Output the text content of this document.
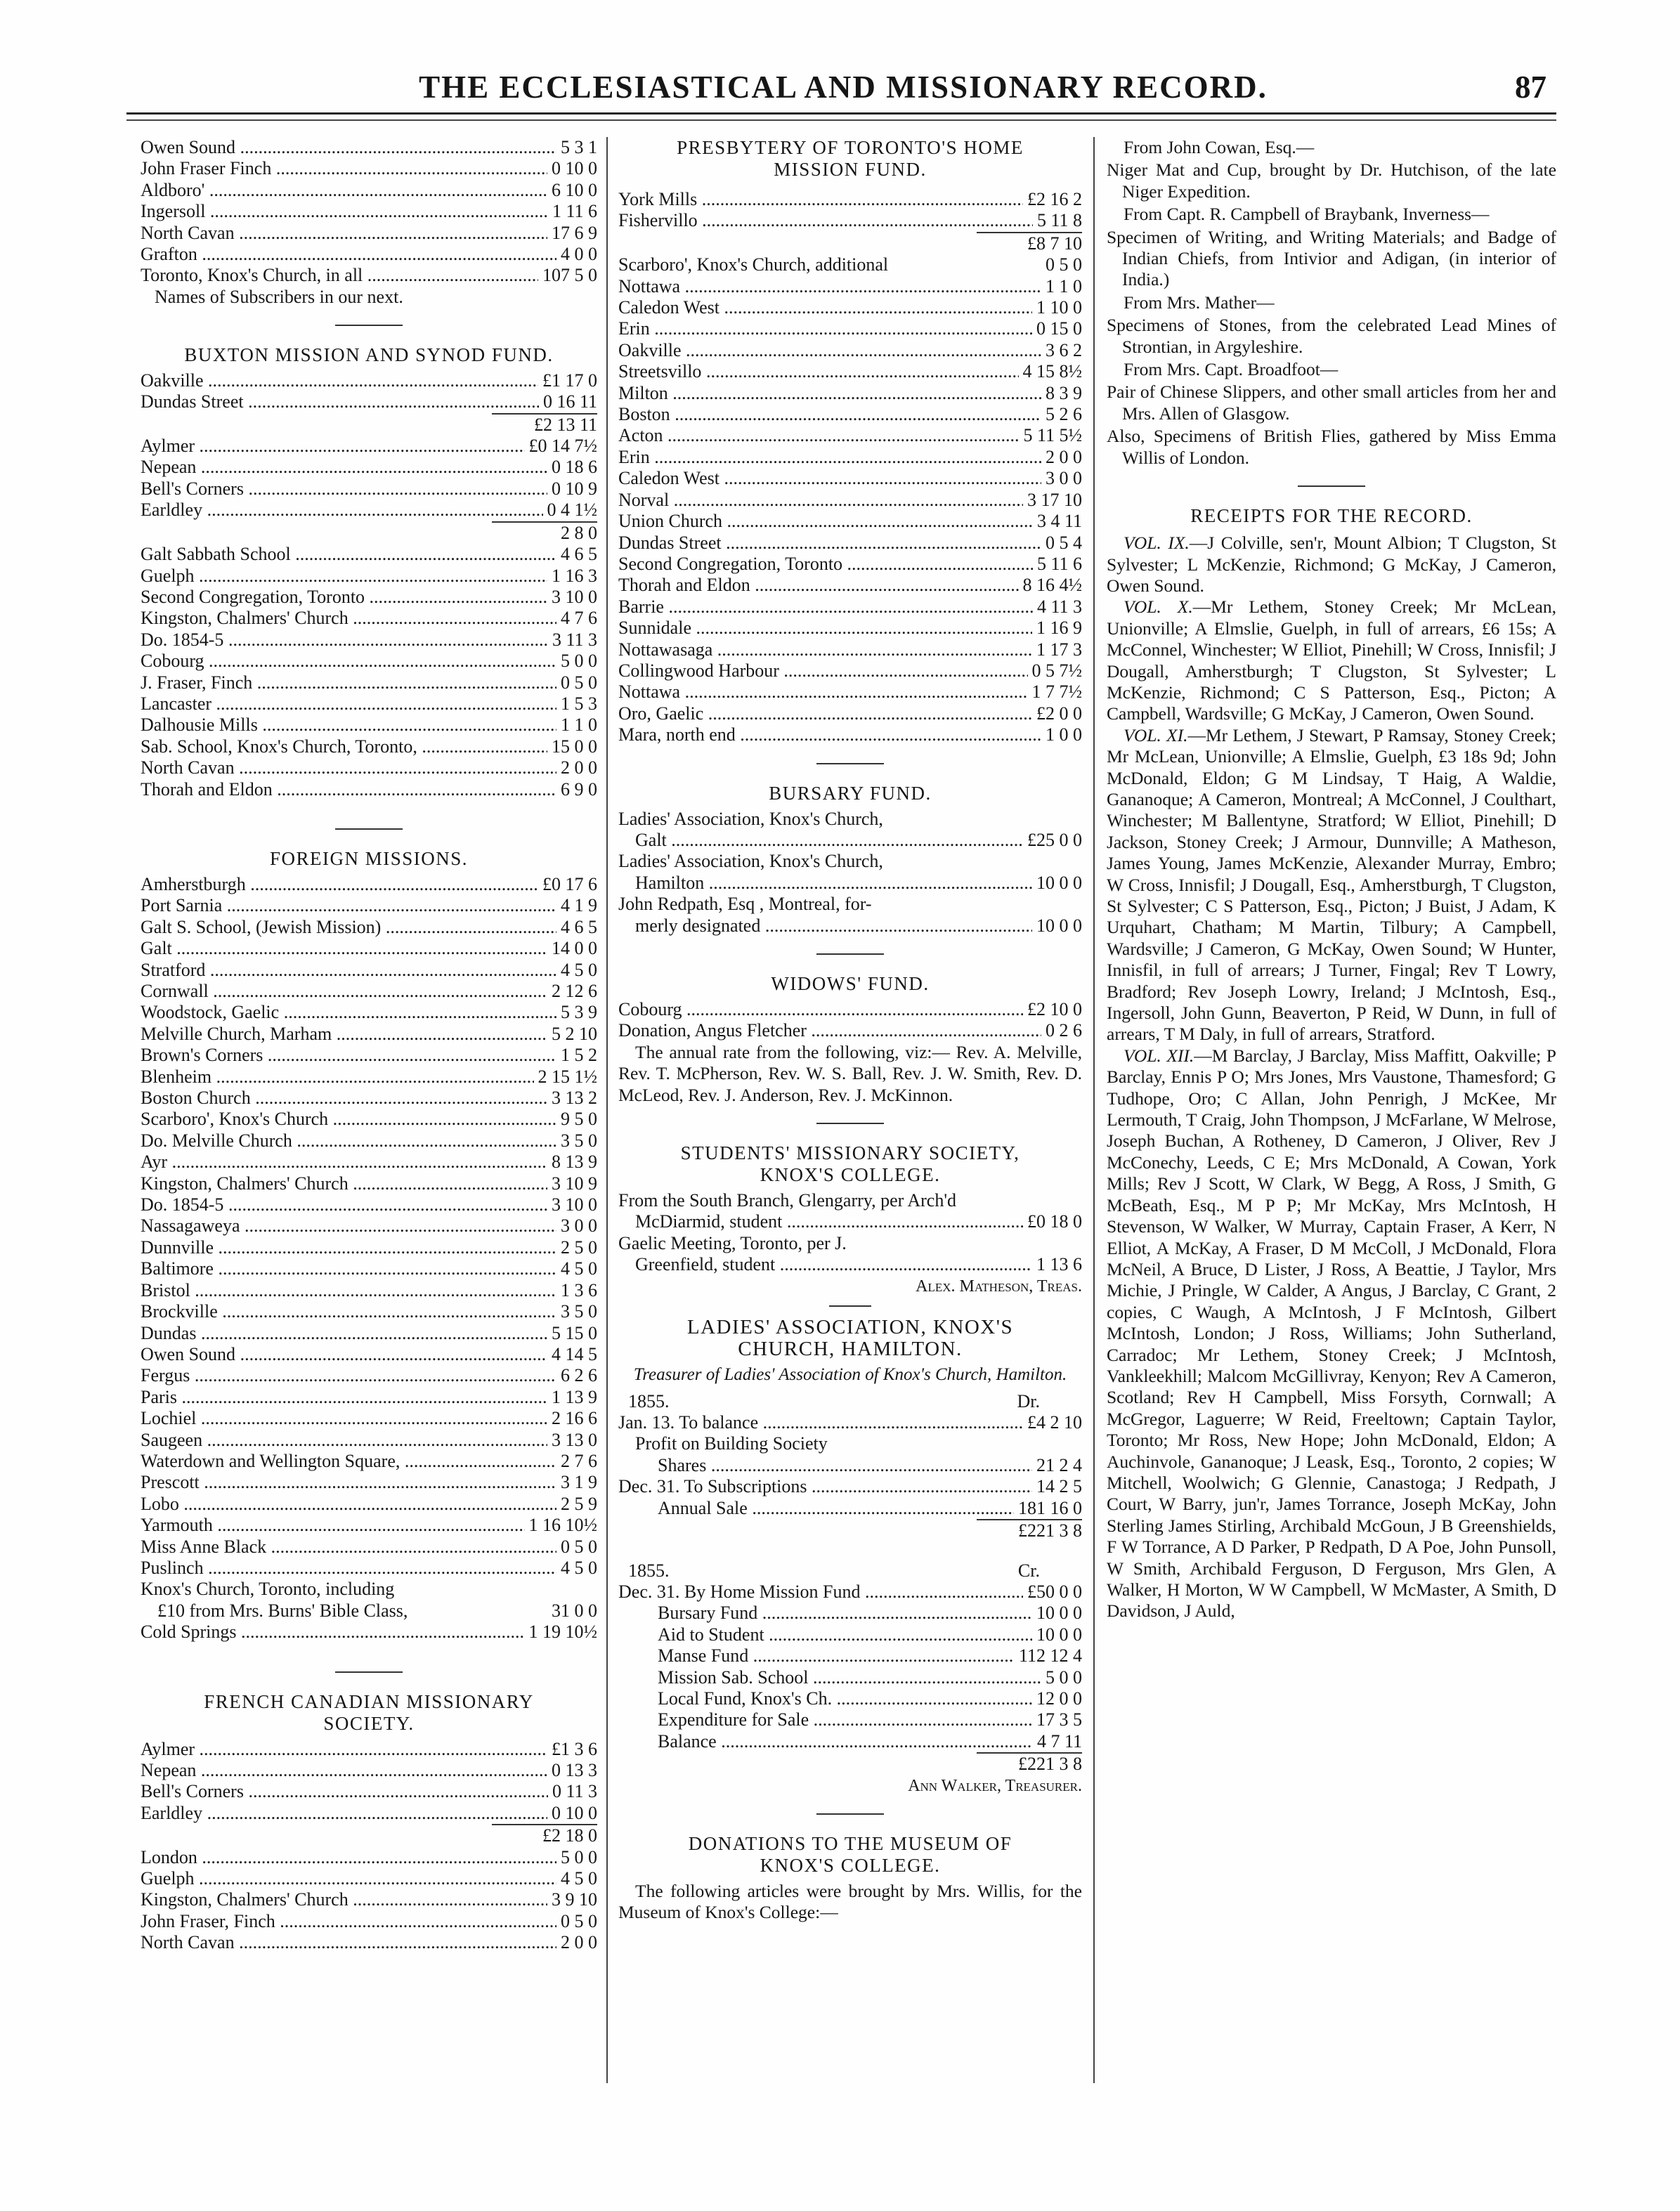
THE ECCLESIASTICAL AND MISSIONARY RECORD.	87
Owen Sound .....	5 3 1
John Fraser Finch .....	0 10 0
Aldboro' .....	6 10 0
Ingersoll .....	1 11 6
North Cavan .....	17 6 9
Grafton .....	4 0 0
Toronto, Knox's Church, in all .....	107 5 0
Names of Subscribers in our next.
BUXTON MISSION AND SYNOD FUND.
Oakville .....	£1 17 0
Dundas Street .....	0 16 11
£2 13 11
Aylmer .....	£0 14 7½
Nepean .....	0 18 6
Bell's Corners .....	0 10 9
Earldley .....	0 4 1½
2 8 0
Galt Sabbath School .....	4 6 5
Guelph .....	1 16 3
Second Congregation, Toronto .....	3 10 0
Kingston, Chalmers' Church .....	4 7 6
Do. 1854-5 .....	3 11 3
Cobourg .....	5 0 0
J. Fraser, Finch .....	0 5 0
Lancaster .....	1 5 3
Dalhousie Mills .....	1 1 0
Sab. School, Knox's Church, Toronto, .....	15 0 0
North Cavan .....	2 0 0
Thorah and Eldon .....	6 9 0
FOREIGN MISSIONS.
Amherstburgh .....	£0 17 6
Port Sarnia .....	4 1 9
Galt S. School, (Jewish Mission) .....	4 6 5
Galt .....	14 0 0
Stratford .....	4 5 0
Cornwall .....	2 12 6
Woodstock, Gaelic .....	5 3 9
Melville Church, Marham .....	5 2 10
Brown's Corners .....	1 5 2
Blenheim .....	2 15 1½
Boston Church .....	3 13 2
Scarboro', Knox's Church .....	9 5 0
Do. Melville Church .....	3 5 0
Ayr .....	8 13 9
Kingston, Chalmers' Church .....	3 10 9
Do. 1854-5 .....	3 10 0
Nassagaweya .....	3 0 0
Dunnville .....	2 5 0
Baltimore .....	4 5 0
Bristol .....	1 3 6
Brockville .....	3 5 0
Dundas .....	5 15 0
Owen Sound .....	4 14 5
Fergus .....	6 2 6
Paris .....	1 13 9
Lochiel .....	2 16 6
Saugeen .....	3 13 0
Waterdown and Wellington Square, .....	2 7 6
Prescott .....	3 1 9
Lobo .....	2 5 9
Yarmouth .....	1 16 10½
Miss Anne Black .....	0 5 0
Puslinch .....	4 5 0
Knox's Church, Toronto, including
£10 from Mrs. Burns' Bible Class,	31 0 0
Cold Springs .....	1 19 10½
FRENCH CANADIAN MISSIONARY SOCIETY.
Aylmer .....	£1 3 6
Nepean .....	0 13 3
Bell's Corners .....	0 11 3
Earldley .....	0 10 0
£2 18 0
London .....	5 0 0
Guelph .....	4 5 0
Kingston, Chalmers' Church .....	3 9 10
John Fraser, Finch .....	0 5 0
North Cavan .....	2 0 0
PRESBYTERY OF TORONTO'S HOME MISSION FUND.
York Mills .....	£2 16 2
Fishervillo .....	5 11 8
£8 7 10
Scarboro', Knox's Church, additional	0 5 0
Nottawa .....	1 1 0
Caledon West .....	1 10 0
Erin .....	0 15 0
Oakville .....	3 6 2
Streetsvillo .....	4 15 8½
Milton .....	8 3 9
Boston .....	5 2 6
Acton .....	5 11 5½
Erin .....	2 0 0
Caledon West .....	3 0 0
Norval .....	3 17 10
Union Church .....	3 4 11
Dundas Street .....	0 5 4
Second Congregation, Toronto .....	5 11 6
Thorah and Eldon .....	8 16 4½
Barrie .....	4 11 3
Sunnidale .....	1 16 9
Nottawasaga .....	1 17 3
Collingwood Harbour .....	0 5 7½
Nottawa .....	1 7 7½
Oro, Gaelic .....	£2 0 0
Mara, north end .....	1 0 0
BURSARY FUND.
Ladies' Association, Knox's Church,
Galt .....	£25 0 0
Ladies' Association, Knox's Church,
Hamilton .....	10 0 0
John Redpath, Esq , Montreal, for-
merly designated .....	10 0 0
WIDOWS' FUND.
Cobourg .....	£2 10 0
Donation, Angus Fletcher .....	0 2 6
The annual rate from the following, viz:— Rev. A. Melville, Rev. T. McPherson, Rev. W. S. Ball, Rev. J. W. Smith, Rev. D. McLeod, Rev. J. Anderson, Rev. J. McKinnon.
STUDENTS' MISSIONARY SOCIETY, KNOX'S COLLEGE.
From the South Branch, Glengarry, per Arch'd
McDiarmid, student .....	£0 18 0
Gaelic Meeting, Toronto, per J.
Greenfield, student .....	1 13 6
Alex. Matheson, Treas.
LADIES' ASSOCIATION, KNOX'S CHURCH, HAMILTON.
Treasurer of Ladies' Association of Knox's Church, Hamilton.
1855.	Dr.
Jan. 13. To balance .....	£4 2 10
Profit on Building Society
Shares .....	21 2 4
Dec. 31. To Subscriptions .....	14 2 5
Annual Sale .....	181 16 0
£221 3 8
1855.	Cr.
Dec. 31. By Home Mission Fund .....	£50 0 0
Bursary Fund .....	10 0 0
Aid to Student .....	10 0 0
Manse Fund .....	112 12 4
Mission Sab. School .....	5 0 0
Local Fund, Knox's Ch. .....	12 0 0
Expenditure for Sale .....	17 3 5
Balance .....	4 7 11
£221 3 8
Ann Walker, Treasurer.
DONATIONS TO THE MUSEUM OF KNOX'S COLLEGE.
The following articles were brought by Mrs. Willis, for the Museum of Knox's College:—
From John Cowan, Esq.—
Niger Mat and Cup, brought by Dr. Hutchison, of the late Niger Expedition.
From Capt. R. Campbell of Braybank, Inverness—
Specimen of Writing, and Writing Materials; and Badge of Indian Chiefs, from Intivior and Adigan, (in interior of India.)
From Mrs. Mather—
Specimens of Stones, from the celebrated Lead Mines of Strontian, in Argyleshire.
From Mrs. Capt. Broadfoot—
Pair of Chinese Slippers, and other small articles from her and Mrs. Allen of Glasgow.
Also, Specimens of British Flies, gathered by Miss Emma Willis of London.
RECEIPTS FOR THE RECORD.

VOL. IX.—J Colville, sen'r, Mount Albion; T Clugston, St Sylvester; L McKenzie, Richmond; G McKay, J Cameron, Owen Sound.

VOL. X.—Mr Lethem, Stoney Creek; Mr McLean, Unionville; A Elmslie, Guelph, in full of arrears, £6 15s; A McConnel, Winchester; W Elliot, Pinehill; W Cross, Innisfil; J Dougall, Amherstburgh; T Clugston, St Sylvester; L McKenzie, Richmond; C S Patterson, Esq., Picton; A Campbell, Wardsville; G McKay, J Cameron, Owen Sound.

VOL. XI.—Mr Lethem, J Stewart, P Ramsay, Stoney Creek; Mr McLean, Unionville; A Elmslie, Guelph, £3 18s 9d; John McDonald, Eldon; G M Lindsay, T Haig, A Waldie, Gananoque; A Cameron, Montreal; A McConnel, J Coulthart, Winchester; M Ballentyne, Stratford; W Elliot, Pinehill; D Jackson, Stoney Creek; J Armour, Dunnville; A Matheson, James Young, James McKenzie, Alexander Murray, Embro; W Cross, Innisfil; J Dougall, Esq., Amherstburgh, T Clugston, St Sylvester; C S Patterson, Esq., Picton; J Buist, J Adam, K Urquhart, Chatham; M Martin, Tilbury; A Campbell, Wardsville; J Cameron, G McKay, Owen Sound; W Hunter, Innisfil, in full of arrears; J Turner, Fingal; Rev T Lowry, Bradford; Rev Joseph Lowry, Ireland; J McIntosh, Esq., Ingersoll, John Gunn, Beaverton, P Reid, W Dunn, in full of arrears, T M Daly, in full of arrears, Stratford.

VOL. XII.—M Barclay, J Barclay, Miss Maffitt, Oakville; P Barclay, Ennis P O; Mrs Jones, Mrs Vaustone, Thamesford; G Tudhope, Oro; C Allan, John Penrigh, J McKee, Mr Lermouth, T Craig, John Thompson, J McFarlane, W Melrose, Joseph Buchan, A Rotheney, D Cameron, J Oliver, Rev J McConechy, Leeds, C E; Mrs McDonald, A Cowan, York Mills; Rev J Scott, W Clark, W Begg, A Ross, J Smith, G McBeath, Esq., M P P; Mr McKay, Mrs McIntosh, H Stevenson, W Walker, W Murray, Captain Fraser, A Kerr, N Elliot, A McKay, A Fraser, D M McColl, J McDonald, Flora McNeil, A Bruce, D Lister, J Ross, A Beattie, J Taylor, Mrs Michie, J Pringle, W Calder, A Angus, J Barclay, C Grant, 2 copies, C Waugh, A McIntosh, J F McIntosh, Gilbert McIntosh, London; J Ross, Williams; John Sutherland, Carradoc; Mr Lethem, Stoney Creek; J McIntosh, Vankleekhill; Malcom McGillivray, Kenyon; Rev A Cameron, Scotland; Rev H Campbell, Miss Forsyth, Cornwall; A McGregor, Laguerre; W Reid, Freeltown; Captain Taylor, Toronto; Mr Ross, New Hope; John McDonald, Eldon; A Auchinvole, Gananoque; J Leask, Esq., Toronto, 2 copies; W Mitchell, Woolwich; G Glennie, Canastoga; J Redpath, J Court, W Barry, jun'r, James Torrance, Joseph McKay, John Sterling James Stirling, Archibald McGoun, J B Greenshields, F W Torrance, A D Parker, P Redpath, D A Poe, John Punsoll, W Smith, Archibald Ferguson, D Ferguson, Mrs Glen, A Walker, H Morton, W W Campbell, W McMaster, A Smith, D Davidson, J Auld,
